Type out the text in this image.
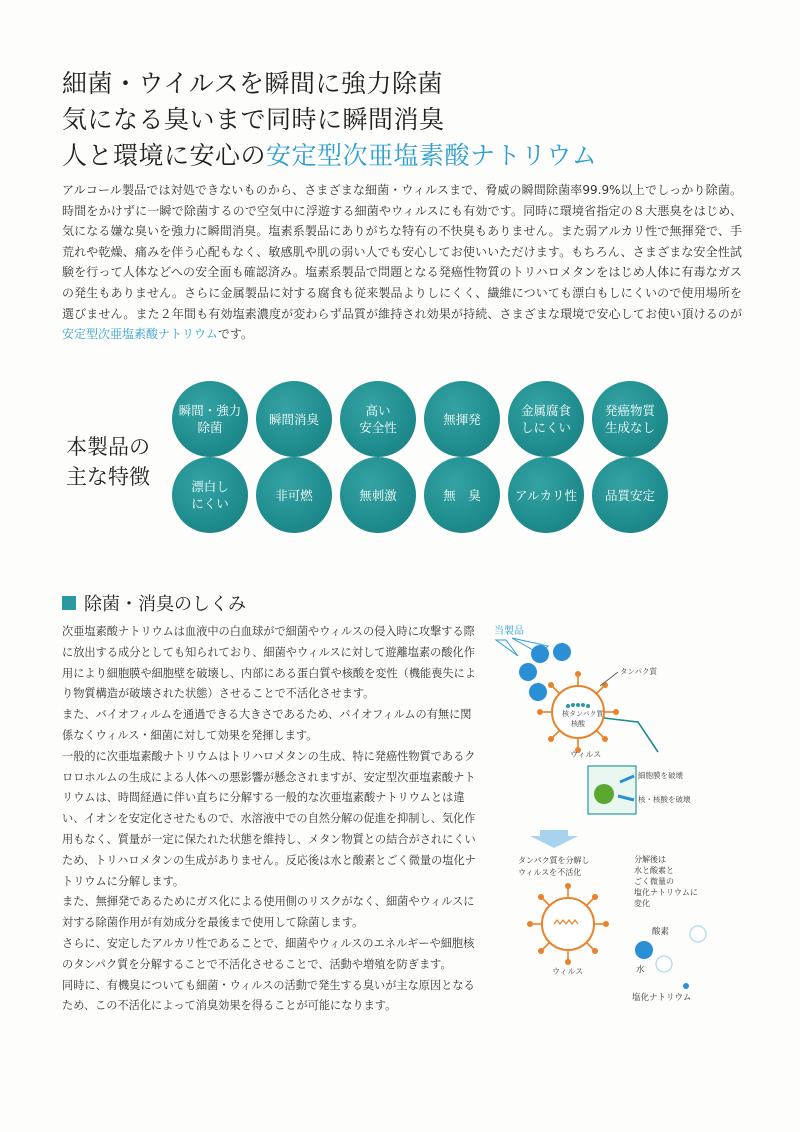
細菌・ウイルスを瞬間に強力除菌
気になる臭いまで同時に瞬間消臭
人と環境に安心の安定型次亜塩素酸ナトリウム
アルコール製品では対処できないものから、さまざまな細菌・ウィルスまで、脅威の瞬間除菌率99.9%以上でしっかり除菌。時間をかけずに一瞬で除菌するので空気中に浮遊する細菌やウィルスにも有効です。同時に環境省指定の８大悪臭をはじめ、気になる嫌な臭いを強力に瞬間消臭。塩素系製品にありがちな特有の不快臭もありません。また弱アルカリ性で無揮発で、手荒れや乾燥、痛みを伴う心配もなく、敏感肌や肌の弱い人でも安心してお使いいただけます。もちろん、さまざまな安全性試験を行って人体などへの安全面も確認済み。塩素系製品で問題となる発癌性物質のトリハロメタンをはじめ人体に有毒なガスの発生もありません。さらに金属製品に対する腐食も従来製品よりしにくく、繊維についても漂白もしにくいので使用場所を選びません。また２年間も有効塩素濃度が変わらず品質が維持され効果が持続、さまざまな環境で安心してお使い頂けるのが安定型次亜塩素酸ナトリウムです。
本製品の
主な特徴
瞬間・強力
除菌
瞬間消臭
高い
安全性
無揮発
金属腐食
しにくい
発癌物質
生成なし
漂白し
にくい
非可燃	無刺激	無　臭	アルカリ性	品質安定
除菌・消臭のしくみ

次亜塩素酸ナトリウムは血液中の白血球がで細菌やウィルスの侵入時に攻撃する際に放出する成分としても知られており、細菌やウィルスに対して遊離塩素の酸化作用により細胞膜や細胞壁を破壊し、内部にある蛋白質や核酸を変性（機能喪失により物質構造が破壊された状態）させることで不活化させます。

また、バイオフィルムを通過できる大きさであるため、バイオフィルムの有無に関係なくウィルス・細菌に対して効果を発揮します。

一般的に次亜塩素酸ナトリウムはトリハロメタンの生成、特に発癌性物質であるクロロホルムの生成による人体への悪影響が懸念されますが、安定型次亜塩素酸ナトリウムは、時間経過に伴い直ちに分解する一般的な次亜塩素酸ナトリウムとは違い、イオンを安定化させたもので、水溶液中での自然分解の促進を抑制し、気化作用もなく、質量が一定に保たれた状態を維持し、メタン物質との結合がされにくいため、トリハロメタンの生成がありません。反応後は水と酸素とごく微量の塩化ナトリウムに分解します。

また、無揮発であるためにガス化による使用側のリスクがなく、細菌やウィルスに対する除菌作用が有効成分を最後まで使用して除菌します。

さらに、安定したアルカリ性であることで、細菌やウィルスのエネルギーや細胞核のタンパク質を分解することで不活化させることで、活動や増殖を防ぎます。

同時に、有機臭についても細菌・ウィルスの活動で発生する臭いが主な原因となるため、この不活化によって消臭効果を得ることが可能になります。

当製品
核タンパク質
核酸
ウィルス
タンパク質
細胞膜を破壊
核・核酸を破壊
タンパク質を分解し
ウィルスを不活化
ウィルス
分解後は
水と酸素と
ごく微量の
塩化ナトリウムに
変化
酸素
水
塩化ナトリウム
